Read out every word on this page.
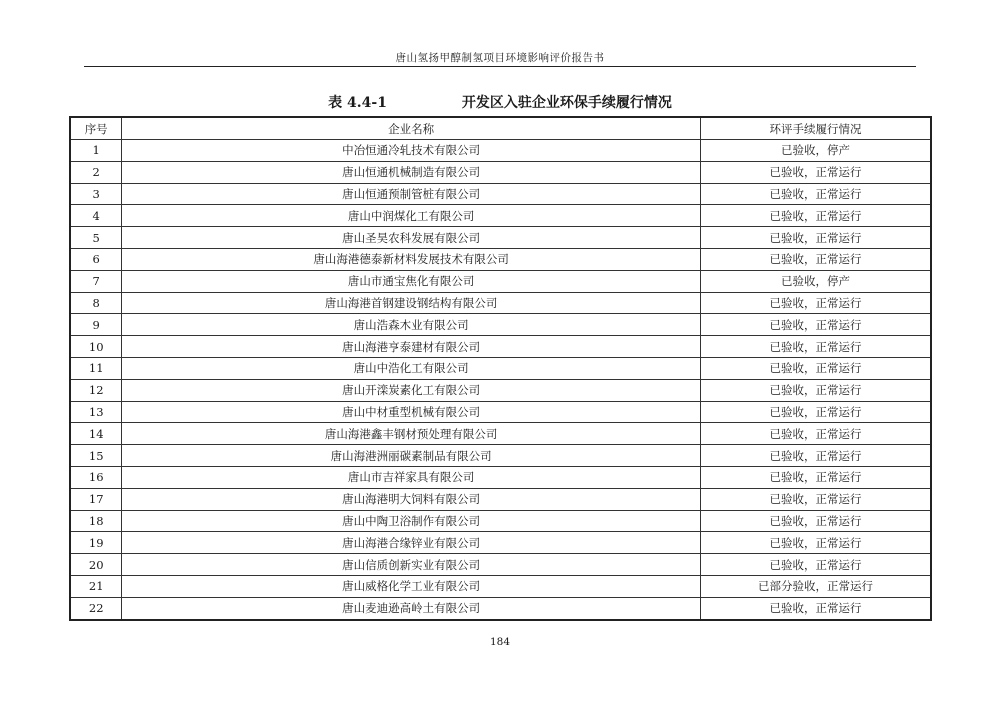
唐山氢扬甲醇制氢项目环境影响评价报告书
表 4.4-1	开发区入驻企业环保手续履行情况
序号	企业名称	环评手续履行情况
1	中冶恒通冷轧技术有限公司	已验收，停产
2	唐山恒通机械制造有限公司	已验收，正常运行
3	唐山恒通预制管桩有限公司	已验收，正常运行
4	唐山中润煤化工有限公司	已验收，正常运行
5	唐山圣昊农科发展有限公司	已验收，正常运行
6	唐山海港德泰新材料发展技术有限公司	已验收，正常运行
7	唐山市通宝焦化有限公司	已验收，停产
8	唐山海港首钢建设钢结构有限公司	已验收，正常运行
9	唐山浩森木业有限公司	已验收，正常运行
10	唐山海港亨泰建材有限公司	已验收，正常运行
11	唐山中浩化工有限公司	已验收，正常运行
12	唐山开滦炭素化工有限公司	已验收，正常运行
13	唐山中材重型机械有限公司	已验收，正常运行
14	唐山海港鑫丰钢材预处理有限公司	已验收，正常运行
15	唐山海港洲丽碳素制品有限公司	已验收，正常运行
16	唐山市吉祥家具有限公司	已验收，正常运行
17	唐山海港明大饲料有限公司	已验收，正常运行
18	唐山中陶卫浴制作有限公司	已验收，正常运行
19	唐山海港合缘锌业有限公司	已验收，正常运行
20	唐山信质创新实业有限公司	已验收，正常运行
21	唐山威格化学工业有限公司	已部分验收，正常运行
22	唐山麦迪逊高岭土有限公司	已验收，正常运行
184
